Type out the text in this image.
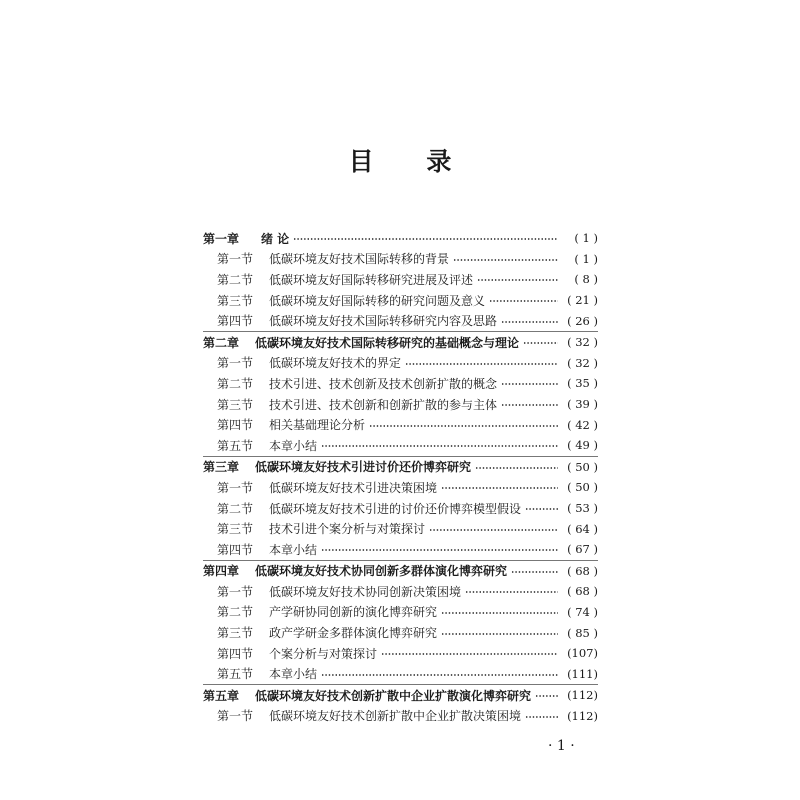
目 录
第一章	绪 论	( 1 )
第一节	低碳环境友好技术国际转移的背景	( 1 )
第二节	低碳环境友好国际转移研究进展及评述	( 8 )
第三节	低碳环境友好国际转移的研究问题及意义	( 21 )
第四节	低碳环境友好技术国际转移研究内容及思路	( 26 )
第二章	低碳环境友好技术国际转移研究的基础概念与理论	( 32 )
第一节	低碳环境友好技术的界定	( 32 )
第二节	技术引进、技术创新及技术创新扩散的概念	( 35 )
第三节	技术引进、技术创新和创新扩散的参与主体	( 39 )
第四节	相关基础理论分析	( 42 )
第五节	本章小结	( 49 )
第三章	低碳环境友好技术引进讨价还价博弈研究	( 50 )
第一节	低碳环境友好技术引进决策困境	( 50 )
第二节	低碳环境友好技术引进的讨价还价博弈模型假设	( 53 )
第三节	技术引进个案分析与对策探讨	( 64 )
第四节	本章小结	( 67 )
第四章	低碳环境友好技术协同创新多群体演化博弈研究	( 68 )
第一节	低碳环境友好技术协同创新决策困境	( 68 )
第二节	产学研协同创新的演化博弈研究	( 74 )
第三节	政产学研金多群体演化博弈研究	( 85 )
第四节	个案分析与对策探讨	(107)
第五节	本章小结	(111)
第五章	低碳环境友好技术创新扩散中企业扩散演化博弈研究	(112)
第一节	低碳环境友好技术创新扩散中企业扩散决策困境	(112)
· 1 ·
